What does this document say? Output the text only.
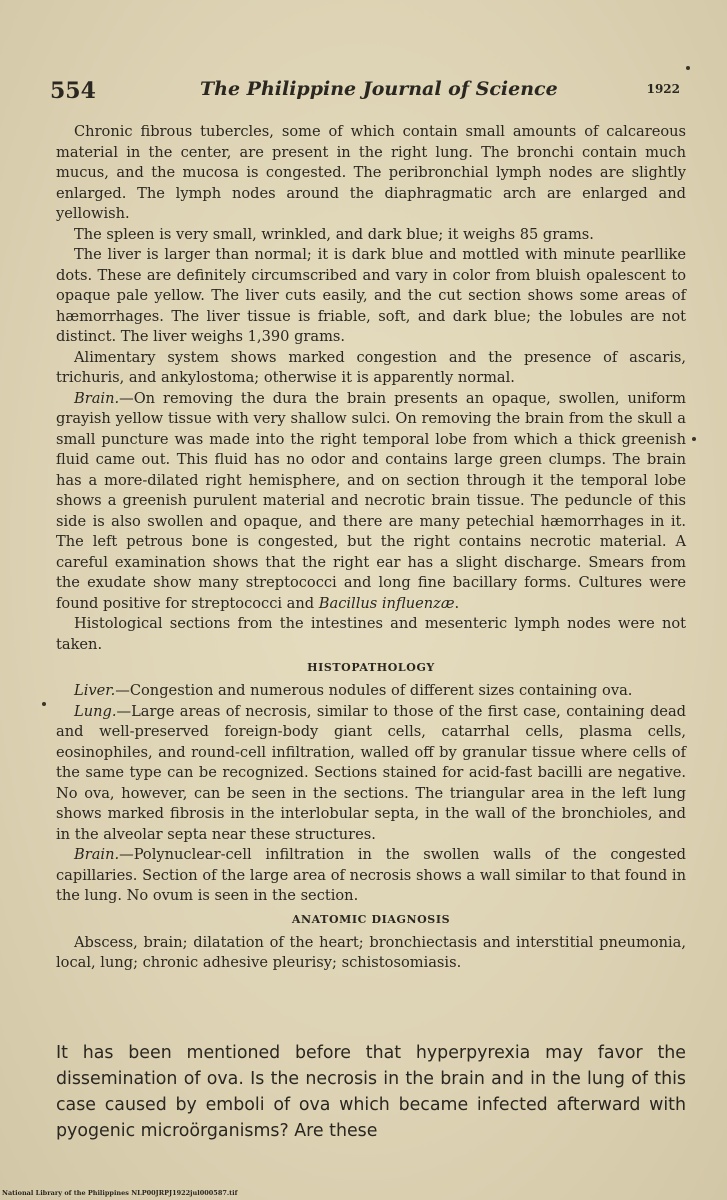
554	The Philippine Journal of Science	1922

Chronic fibrous tubercles, some of which contain small amounts of calcareous material in the center, are present in the right lung. The bronchi contain much mucus, and the mucosa is congested. The peribronchial lymph nodes are slightly enlarged. The lymph nodes around the diaphragmatic arch are enlarged and yellowish.

The spleen is very small, wrinkled, and dark blue; it weighs 85 grams.

The liver is larger than normal; it is dark blue and mottled with minute pearllike dots. These are definitely circumscribed and vary in color from bluish opalescent to opaque pale yellow. The liver cuts easily, and the cut section shows some areas of hæmorrhages. The liver tissue is friable, soft, and dark blue; the lobules are not distinct. The liver weighs 1,390 grams.

Alimentary system shows marked congestion and the presence of ascaris, trichuris, and ankylostoma; otherwise it is apparently normal.

Brain.—On removing the dura the brain presents an opaque, swollen, uniform grayish yellow tissue with very shallow sulci. On removing the brain from the skull a small puncture was made into the right temporal lobe from which a thick greenish fluid came out. This fluid has no odor and contains large green clumps. The brain has a more-dilated right hemisphere, and on section through it the temporal lobe shows a greenish purulent material and necrotic brain tissue. The peduncle of this side is also swollen and opaque, and there are many petechial hæmorrhages in it. The left petrous bone is congested, but the right contains necrotic material. A careful examination shows that the right ear has a slight discharge. Smears from the exudate show many streptococci and long fine bacillary forms. Cultures were found positive for streptococci and Bacillus influenzæ.

Histological sections from the intestines and mesenteric lymph nodes were not taken.

HISTOPATHOLOGY

Liver.—Congestion and numerous nodules of different sizes containing ova.

Lung.—Large areas of necrosis, similar to those of the first case, containing dead and well-preserved foreign-body giant cells, catarrhal cells, plasma cells, eosinophiles, and round-cell infiltration, walled off by granular tissue where cells of the same type can be recognized. Sections stained for acid-fast bacilli are negative. No ova, however, can be seen in the sections. The triangular area in the left lung shows marked fibrosis in the interlobular septa, in the wall of the bronchioles, and in the alveolar septa near these structures.

Brain.—Polynuclear-cell infiltration in the swollen walls of the congested capillaries. Section of the large area of necrosis shows a wall similar to that found in the lung. No ovum is seen in the section.

ANATOMIC DIAGNOSIS

Abscess, brain; dilatation of the heart; bronchiectasis and interstitial pneumonia, local, lung; chronic adhesive pleurisy; schistosomiasis.

It has been mentioned before that hyperpyrexia may favor the dissemination of ova. Is the necrosis in the brain and in the lung of this case caused by emboli of ova which became infected afterward with pyogenic microörganisms? Are these

National Library of the Philippines NLP00JRPJ1922jul000587.tif
